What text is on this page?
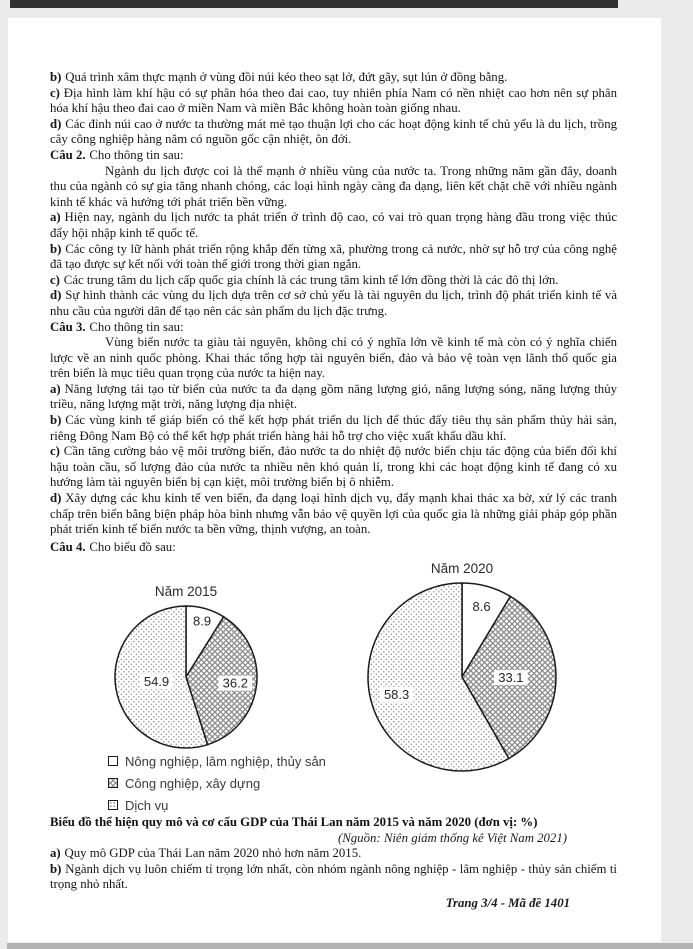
b) Quá trình xâm thực mạnh ở vùng đồi núi kéo theo sạt lở, đứt gãy, sụt lún ở đồng bằng.

c) Địa hình làm khí hậu có sự phân hóa theo đai cao, tuy nhiên phía Nam có nền nhiệt cao hơn nên sự phân hóa khí hậu theo đai cao ở miền Nam và miền Bắc không hoàn toàn giống nhau.

d) Các đỉnh núi cao ở nước ta thường mát mẻ tạo thuận lợi cho các hoạt động kinh tế chủ yếu là du lịch, trồng cây công nghiệp hàng năm có nguồn gốc cận nhiệt, ôn đới.

Câu 2. Cho thông tin sau:

Ngành du lịch được coi là thế mạnh ở nhiều vùng của nước ta. Trong những năm gần đây, doanh thu của ngành có sự gia tăng nhanh chóng, các loại hình ngày càng đa dạng, liên kết chặt chẽ với nhiều ngành kinh tế khác và hướng tới phát triển bền vững.

a) Hiện nay, ngành du lịch nước ta phát triển ở trình độ cao, có vai trò quan trọng hàng đầu trong việc thúc đẩy hội nhập kinh tế quốc tế.

b) Các công ty lữ hành phát triển rộng khắp đến từng xã, phường trong cả nước, nhờ sự hỗ trợ của công nghệ đã tạo được sự kết nối với toàn thế giới trong thời gian ngắn.

c) Các trung tâm du lịch cấp quốc gia chính là các trung tâm kinh tế lớn đồng thời là các đô thị lớn.

d) Sự hình thành các vùng du lịch dựa trên cơ sở chủ yếu là tài nguyên du lịch, trình độ phát triển kinh tế và nhu cầu của người dân để tạo nên các sản phẩm du lịch đặc trưng.

Câu 3. Cho thông tin sau:

Vùng biển nước ta giàu tài nguyên, không chỉ có ý nghĩa lớn về kinh tế mà còn có ý nghĩa chiến lược về an ninh quốc phòng. Khai thác tổng hợp tài nguyên biển, đảo và bảo vệ toàn vẹn lãnh thổ quốc gia trên biển là mục tiêu quan trọng của nước ta hiện nay.

a) Năng lượng tái tạo từ biển của nước ta đa dạng gồm năng lượng gió, năng lượng sóng, năng lượng thủy triều, năng lượng mặt trời, năng lượng địa nhiệt.

b) Các vùng kinh tế giáp biển có thể kết hợp phát triển du lịch để thúc đẩy tiêu thụ sản phẩm thủy hải sản, riêng Đông Nam Bộ có thể kết hợp phát triển hàng hải hỗ trợ cho việc xuất khẩu dầu khí.

c) Cần tăng cường bảo vệ môi trường biển, đảo nước ta do nhiệt độ nước biển chịu tác động của biến đổi khí hậu toàn cầu, số lượng đảo của nước ta nhiều nên khó quản lí, trong khi các hoạt động kinh tế đang có xu hướng làm tài nguyên biển bị cạn kiệt, môi trường biển bị ô nhiễm.

d) Xây dựng các khu kinh tế ven biển, đa dạng loại hình dịch vụ, đẩy mạnh khai thác xa bờ, xử lý các tranh chấp trên biển bằng biện pháp hòa bình nhưng vẫn bảo vệ quyền lợi của quốc gia là những giải pháp góp phần phát triển kinh tế biển nước ta bền vững, thịnh vượng, an toàn.

Câu 4. Cho biểu đồ sau:

Năm 2015
8.9
36.2
54.9
Năm 2020
8.6
33.1
58.3
Nông nghiệp, lâm nghiệp, thủy sản
Công nghiệp, xây dựng
Dịch vụ

Biểu đồ thể hiện quy mô và cơ cấu GDP của Thái Lan năm 2015 và năm 2020 (đơn vị: %)

(Nguồn: Niên giám thống kê Việt Nam 2021)

a) Quy mô GDP của Thái Lan năm 2020 nhỏ hơn năm 2015.

b) Ngành dịch vụ luôn chiếm tỉ trọng lớn nhất, còn nhóm ngành nông nghiệp - lâm nghiệp - thủy sản chiếm tỉ trọng nhỏ nhất.

Trang 3/4 - Mã đề 1401
